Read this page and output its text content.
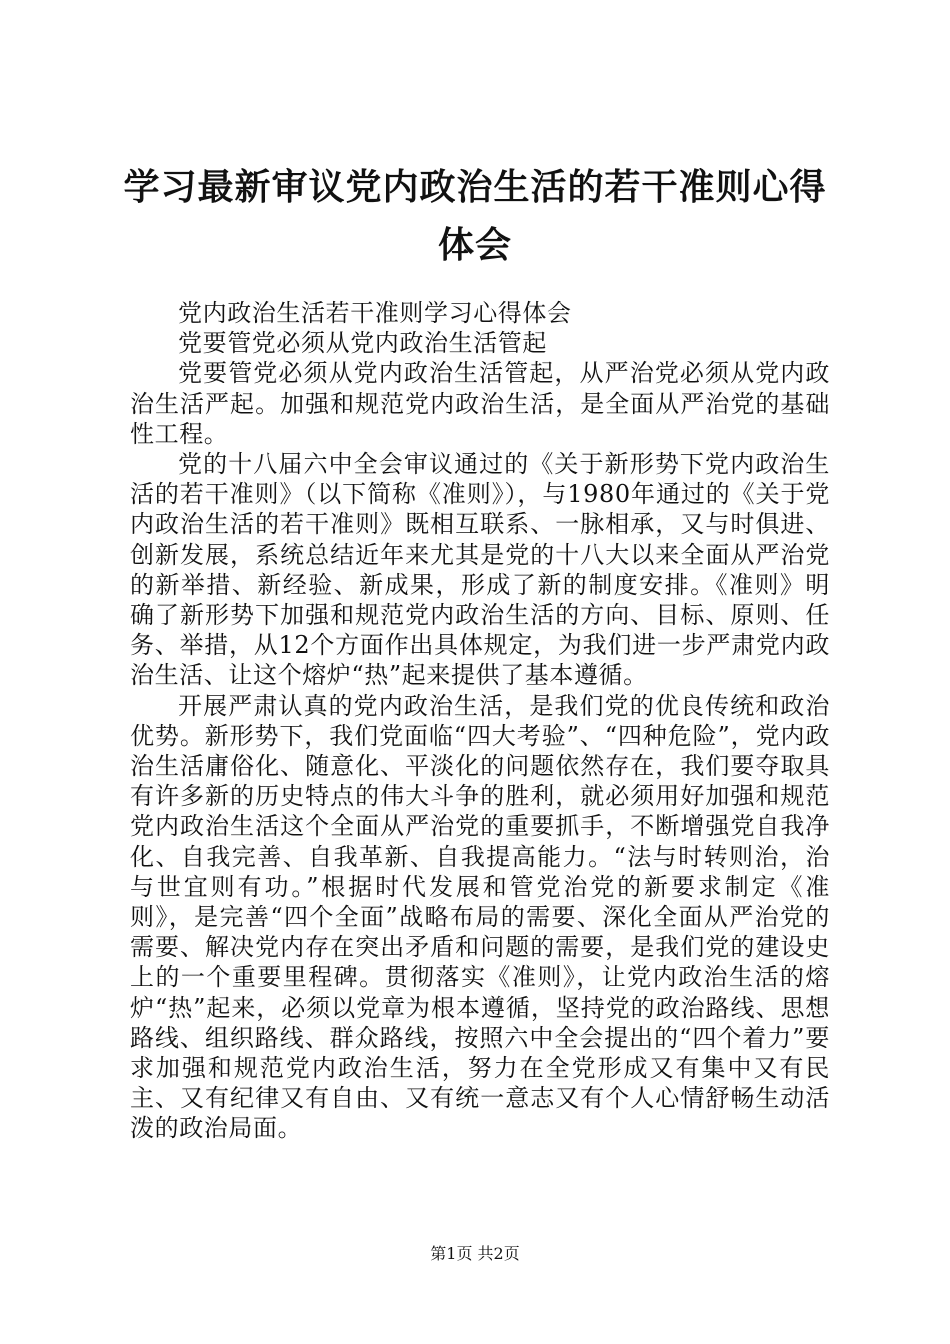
学习最新审议党内政治生活的若干准则心得体会

党内政治生活若干准则学习心得体会

党要管党必须从党内政治生活管起

党要管党必须从党内政治生活管起，从严治党必须从党内政治生活严起。加强和规范党内政治生活，是全面从严治党的基础性工程。

党的十八届六中全会审议通过的《关于新形势下党内政治生活的若干准则》（以下简称《准则》），与1980年通过的《关于党内政治生活的若干准则》既相互联系、一脉相承，又与时俱进、创新发展，系统总结近年来尤其是党的十八大以来全面从严治党的新举措、新经验、新成果，形成了新的制度安排。《准则》明确了新形势下加强和规范党内政治生活的方向、目标、原则、任务、举措，从12个方面作出具体规定，为我们进一步严肃党内政治生活、让这个熔炉“热”起来提供了基本遵循。

开展严肃认真的党内政治生活，是我们党的优良传统和政治优势。新形势下，我们党面临“四大考验”、“四种危险”，党内政治生活庸俗化、随意化、平淡化的问题依然存在，我们要夺取具有许多新的历史特点的伟大斗争的胜利，就必须用好加强和规范党内政治生活这个全面从严治党的重要抓手，不断增强党自我净化、自我完善、自我革新、自我提高能力。“法与时转则治，治与世宜则有功。”根据时代发展和管党治党的新要求制定《准则》，是完善“四个全面”战略布局的需要、深化全面从严治党的需要、解决党内存在突出矛盾和问题的需要，是我们党的建设史上的一个重要里程碑。贯彻落实《准则》，让党内政治生活的熔炉“热”起来，必须以党章为根本遵循，坚持党的政治路线、思想路线、组织路线、群众路线，按照六中全会提出的“四个着力”要求加强和规范党内政治生活，努力在全党形成又有集中又有民主、又有纪律又有自由、又有统一意志又有个人心情舒畅生动活泼的政治局面。

第1页 共2页
